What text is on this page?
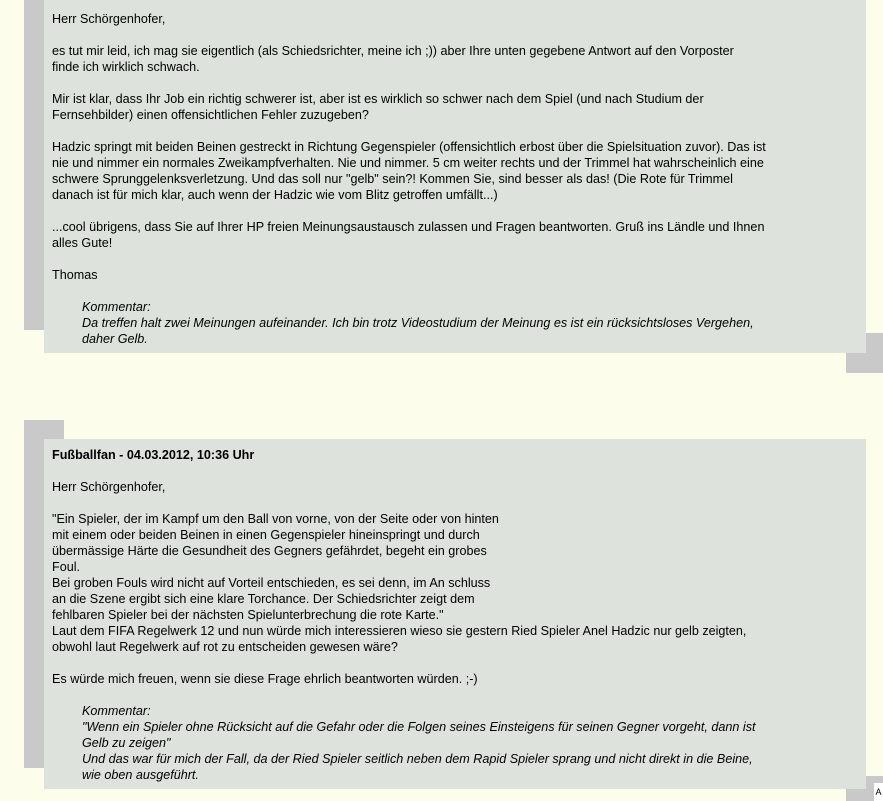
Herr Schörgenhofer,
es tut mir leid, ich mag sie eigentlich (als Schiedsrichter, meine ich ;)) aber Ihre unten gegebene Antwort auf den Vorposter
finde ich wirklich schwach.
Mir ist klar, dass Ihr Job ein richtig schwerer ist, aber ist es wirklich so schwer nach dem Spiel (und nach Studium der
Fernsehbilder) einen offensichtlichen Fehler zuzugeben?
Hadzic springt mit beiden Beinen gestreckt in Richtung Gegenspieler (offensichtlich erbost über die Spielsituation zuvor). Das ist
nie und nimmer ein normales Zweikampfverhalten. Nie und nimmer. 5 cm weiter rechts und der Trimmel hat wahrscheinlich eine
schwere Sprunggelenksverletzung. Und das soll nur "gelb" sein?! Kommen Sie, sind besser als das! (Die Rote für Trimmel
danach ist für mich klar, auch wenn der Hadzic wie vom Blitz getroffen umfällt...)
...cool übrigens, dass Sie auf Ihrer HP freien Meinungsaustausch zulassen und Fragen beantworten. Gruß ins Ländle und Ihnen
alles Gute!
Thomas
Kommentar:
Da treffen halt zwei Meinungen aufeinander. Ich bin trotz Videostudium der Meinung es ist ein rücksichtsloses Vergehen,
daher Gelb.
Fußballfan - 04.03.2012, 10:36 Uhr
Herr Schörgenhofer,
"Ein Spieler, der im Kampf um den Ball von vorne, von der Seite oder von hinten
mit einem oder beiden Beinen in einen Gegenspieler hineinspringt und durch
übermässige Härte die Gesundheit des Gegners gefährdet, begeht ein grobes
Foul.
Bei groben Fouls wird nicht auf Vorteil entschieden, es sei denn, im An schluss
an die Szene ergibt sich eine klare Torchance. Der Schiedsrichter zeigt dem
fehlbaren Spieler bei der nächsten Spielunterbrechung die rote Karte."
Laut dem FIFA Regelwerk 12 und nun würde mich interessieren wieso sie gestern Ried Spieler Anel Hadzic nur gelb zeigten,
obwohl laut Regelwerk auf rot zu entscheiden gewesen wäre?
Es würde mich freuen, wenn sie diese Frage ehrlich beantworten würden. ;-)
Kommentar:
"Wenn ein Spieler ohne Rücksicht auf die Gefahr oder die Folgen seines Einsteigens für seinen Gegner vorgeht, dann ist
Gelb zu zeigen"
Und das war für mich der Fall, da der Ried Spieler seitlich neben dem Rapid Spieler sprang und nicht direkt in die Beine,
wie oben ausgeführt.
A
